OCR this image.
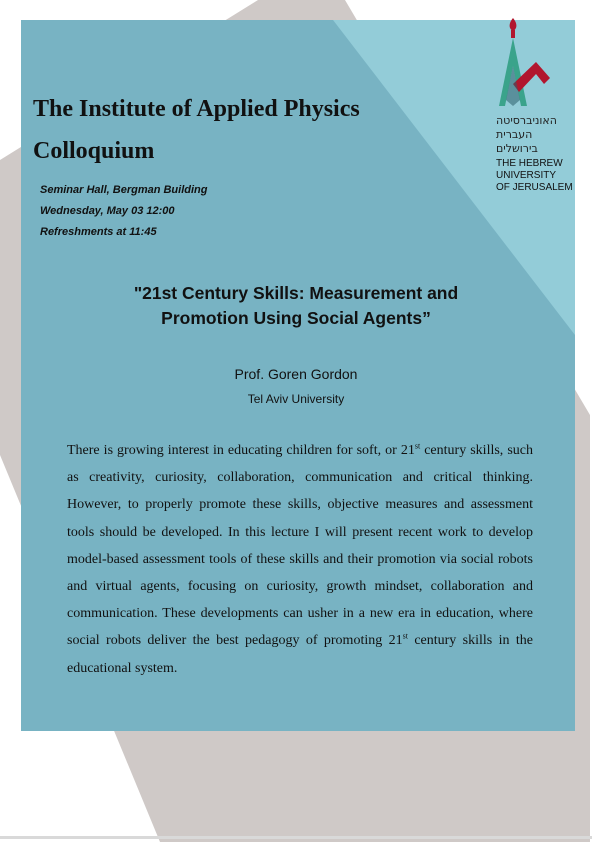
The Institute of Applied Physics
Colloquium
Seminar Hall, Bergman Building
Wednesday, May 03 12:00
Refreshments at 11:45
האוניברסיטה
העברית
בירושלים
THE HEBREW
UNIVERSITY
OF JERUSALEM
"21st Century Skills: Measurement and
Promotion Using Social Agents”
Prof. Goren Gordon
Tel Aviv University
There is growing interest in educating children for soft, or 21st century skills, such as creativity, curiosity, collaboration, communication and critical thinking. However, to properly promote these skills, objective measures and assessment tools should be developed. In this lecture I will present recent work to develop model-based assessment tools of these skills and their promotion via social robots and virtual agents, focusing on curiosity, growth mindset, collaboration and communication. These developments can usher in a new era in education, where social robots deliver the best pedagogy of promoting 21st century skills in the educational system.
